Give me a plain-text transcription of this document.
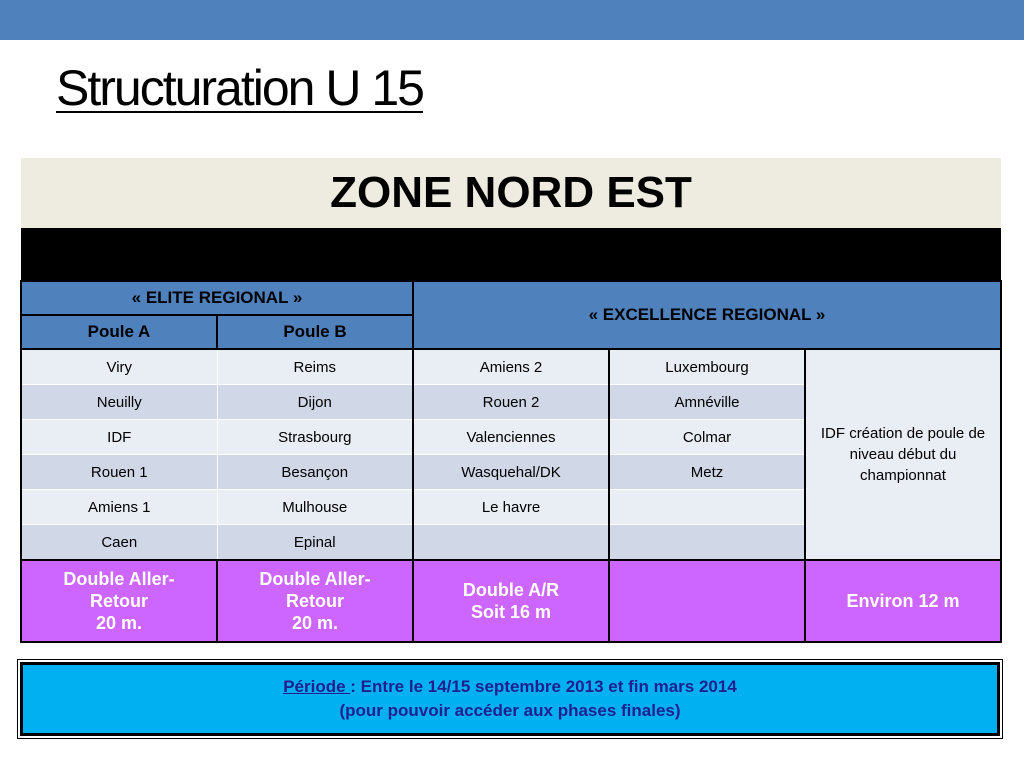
Structuration U 15
ZONE NORD EST				

« ELITE REGIONAL »		« EXCELLENCE REGIONAL »		
Poule A	Poule B			
Viry	Reims	Amiens 2	Luxembourg	IDF création de poule de niveau début du championnat
Neuilly	Dijon	Rouen 2	Amnéville	
IDF	Strasbourg	Valenciennes	Colmar	
Rouen 1	Besançon	Wasquehal/DK	Metz	
Amiens 1	Mulhouse	Le havre		
Caen	Epinal			
Double Aller-
Retour
20 m.	Double Aller-
Retour
20 m.	Double A/R
Soit 16 m		Environ 12 m
Période : Entre le 14/15 septembre 2013 et fin mars 2014
(pour pouvoir accéder aux phases finales)
